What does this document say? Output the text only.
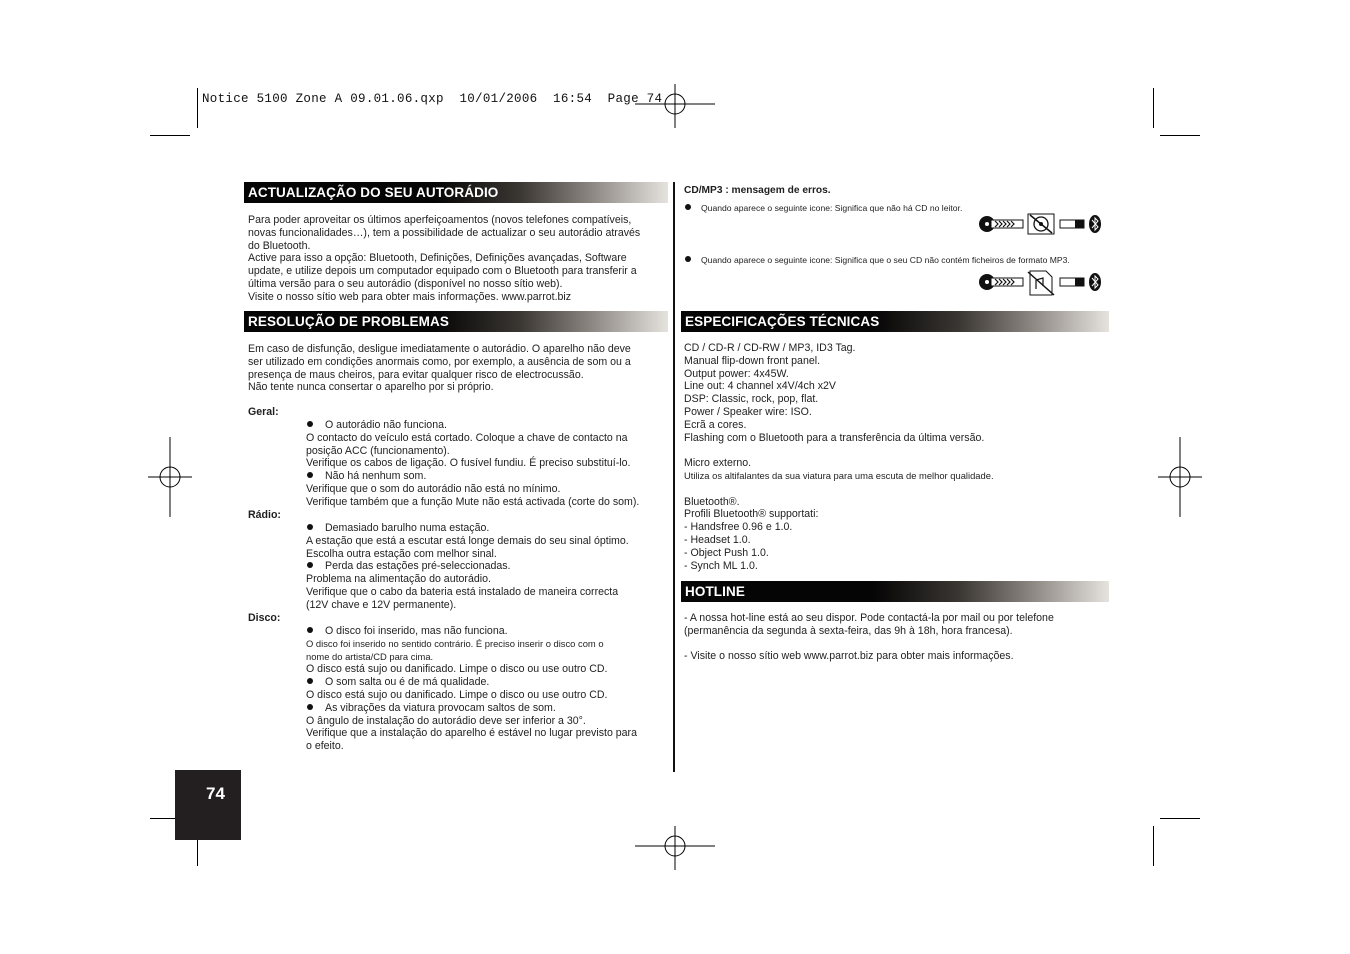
Notice 5100 Zone A 09.01.06.qxp  10/01/2006  16:54  Page 74
ACTUALIZAÇÃO DO SEU AUTORÁDIO

Para poder aproveitar os últimos aperfeiçoamentos (novos telefones compatíveis,

novas funcionalidades…), tem a possibilidade de actualizar o seu autorádio através

do Bluetooth.

Active para isso a opção: Bluetooth, Definições, Definições avançadas, Software

update, e utilize depois um computador equipado com o Bluetooth para transferir a

última versão para o seu autorádio (disponível no nosso sítio web).

Visite o nosso sítio web para obter mais informações. www.parrot.biz

RESOLUÇÃO DE PROBLEMAS

Em caso de disfunção, desligue imediatamente o autorádio. O aparelho não deve

ser utilizado em condições anormais como, por exemplo, a ausência de som ou a

presença de maus cheiros, para evitar qualquer risco de electrocussão.

Não tente nunca consertar o aparelho por si próprio.

Geral:

O autorádio não funciona.

O contacto do veículo está cortado. Coloque a chave de contacto na

posição ACC (funcionamento).

Verifique os cabos de ligação. O fusível fundiu. É preciso substituí-lo.

Não há nenhum som.

Verifique que o som do autorádio não está no mínimo.

Verifique também que a função Mute não está activada (corte do som).

Rádio:

Demasiado barulho numa estação.

A estação que está a escutar está longe demais do seu sinal óptimo.

Escolha outra estação com melhor sinal.

Perda das estações pré-seleccionadas.

Problema na alimentação do autorádio.

Verifique que o cabo da bateria está instalado de maneira correcta

(12V chave e 12V permanente).

Disco:

O disco foi inserido, mas não funciona.

O disco foi inserido no sentido contrário. É preciso inserir o disco com o

nome do artista/CD para cima.

O disco está sujo ou danificado. Limpe o disco ou use outro CD.

O som salta ou é de má qualidade.

O disco está sujo ou danificado. Limpe o disco ou use outro CD.

As vibrações da viatura provocam saltos de som.

O ângulo de instalação do autorádio deve ser inferior a 30°.

Verifique que a instalação do aparelho é estável no lugar previsto para

o efeito.

74
CD/MP3 : mensagem de erros.
Quando aparece o seguinte icone: Significa que não há CD no leitor.
Quando aparece o seguinte icone: Significa que o seu CD não contém ficheiros de formato MP3.
ESPECIFICAÇÕES TÉCNICAS

CD / CD-R / CD-RW / MP3, ID3 Tag.

Manual flip-down front panel.

Output power: 4x45W.

Line out: 4 channel x4V/4ch x2V

DSP: Classic, rock, pop, flat.

Power / Speaker wire: ISO.

Ecrã a cores.

Flashing com o Bluetooth para a transferência da última versão.

Micro externo.

Utiliza os altifalantes da sua viatura para uma escuta de melhor qualidade.

Bluetooth®.

Profili Bluetooth® supportati:

- Handsfree 0.96 e 1.0.

- Headset 1.0.

- Object Push 1.0.

- Synch ML 1.0.

HOTLINE

- A nossa hot-line está ao seu dispor. Pode contactá-la por mail ou por telefone

(permanência da segunda à sexta-feira, das 9h à 18h, hora francesa).

- Visite o nosso sítio web www.parrot.biz para obter mais informações.
